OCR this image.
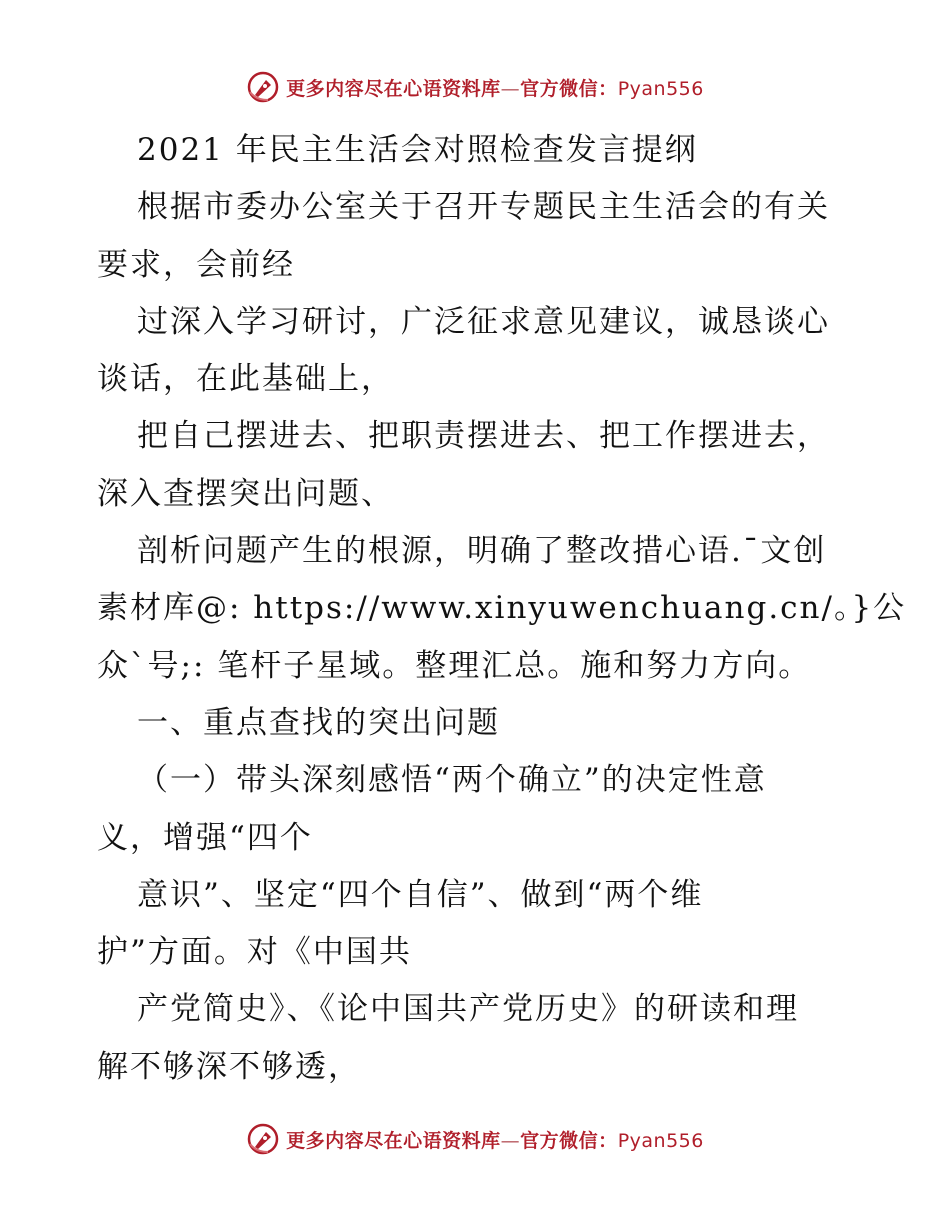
更多内容尽在心语资料库—官方微信：Pyan556
2021 年民主生活会对照检查发言提纲
根据市委办公室关于召开专题民主生活会的有关
要求，会前经
过深入学习研讨，广泛征求意见建议，诚恳谈心
谈话，在此基础上，
把自己摆进去、把职责摆进去、把工作摆进去，
深入查摆突出问题、
剖析问题产生的根源，明确了整改措心语.¯文创
素材库@: https://www.xinyuwenchuang.cn/。}公
众`号;: 笔杆子星域。整理汇总。施和努力方向。
一、重点查找的突出问题
（一）带头深刻感悟“两个确立”的决定性意
义，增强“四个
意识”、坚定“四个自信”、做到“两个维
护”方面。对《中国共
产党简史》、《论中国共产党历史》的研读和理
解不够深不够透，
更多内容尽在心语资料库—官方微信：Pyan556
